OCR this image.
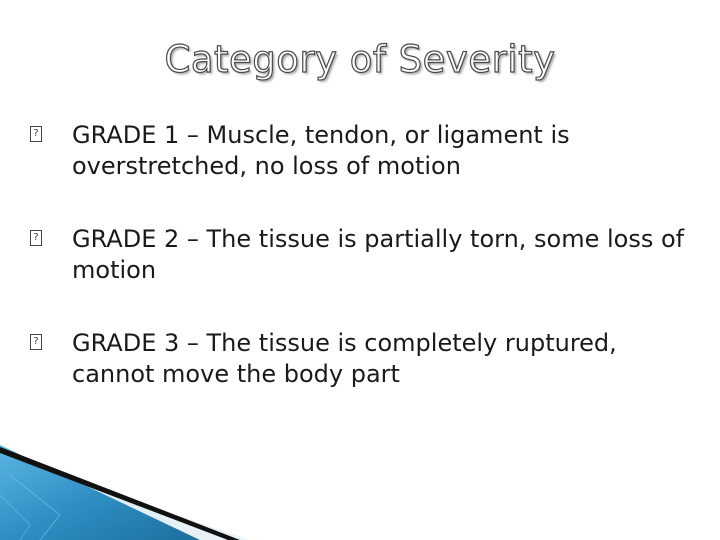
Category of Severity
?
GRADE 1 – Muscle, tendon, or ligament is overstretched, no loss of motion
?
GRADE 2 – The tissue is partially torn, some loss of motion
?
GRADE 3 – The tissue is completely ruptured, cannot move the body part
